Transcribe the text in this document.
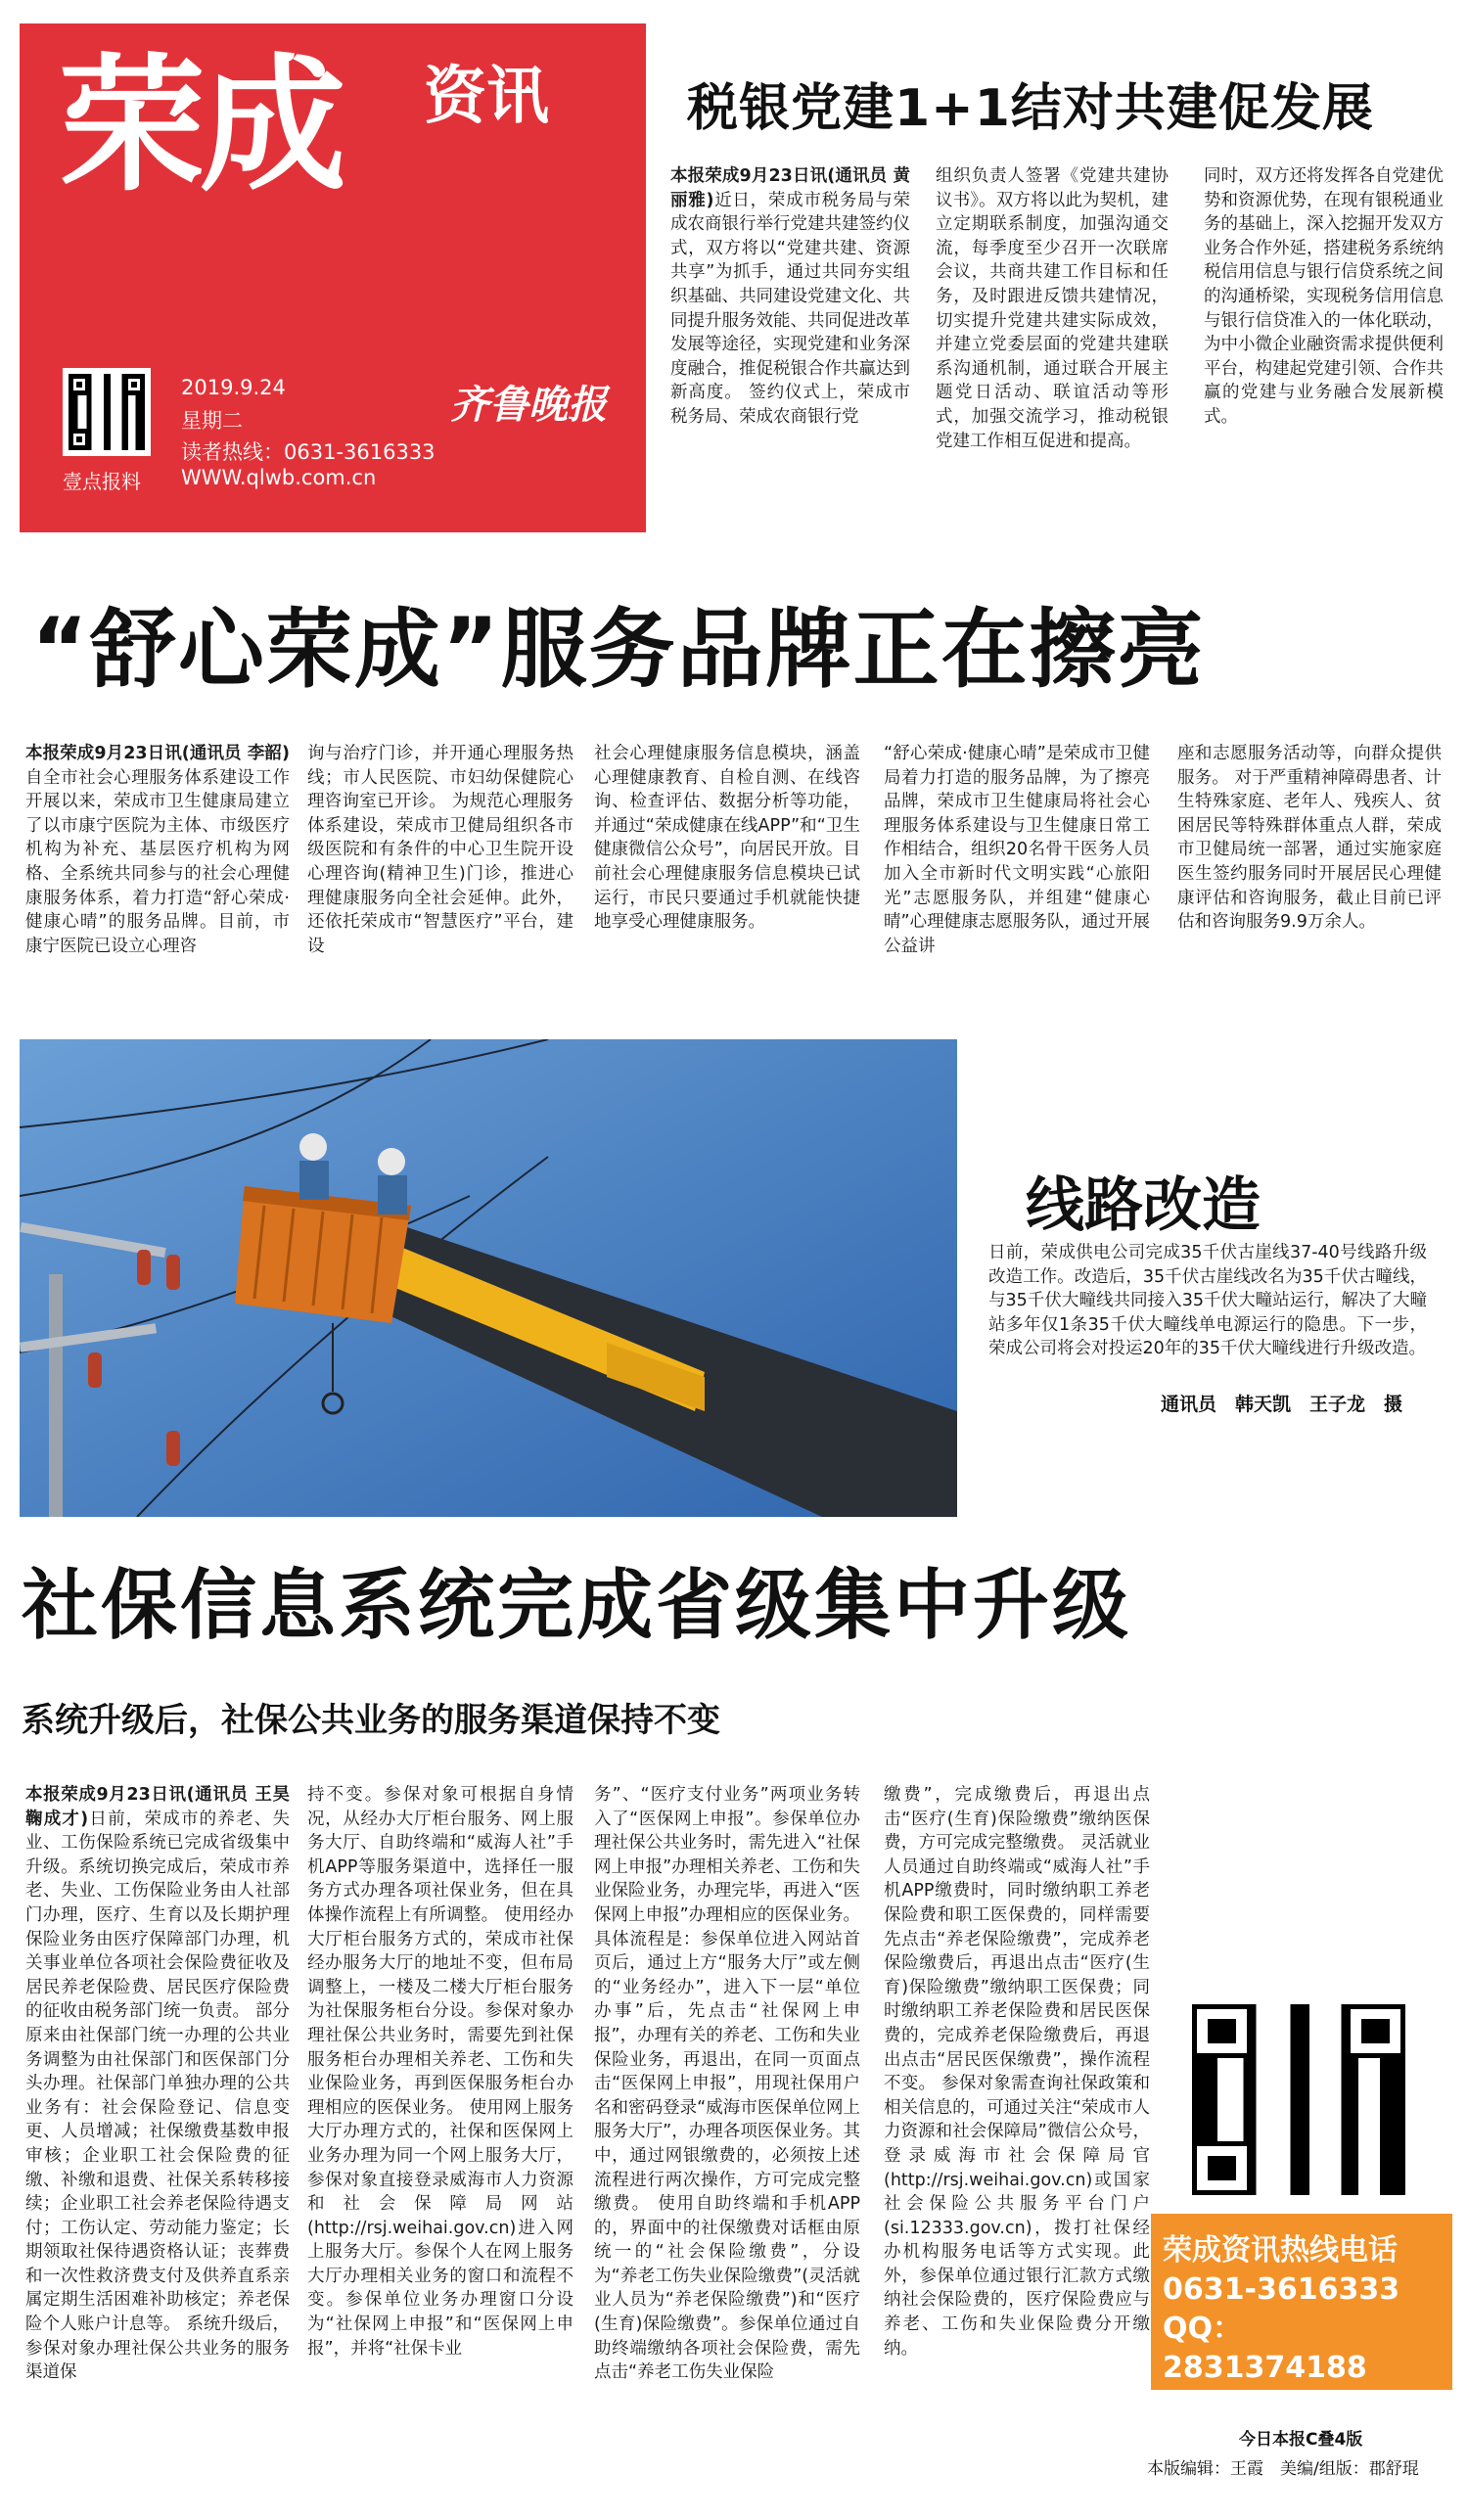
荣成 资讯
壹点报料
2019.9.24
星期二
读者热线：0631-3616333
WWW.qlwb.com.cn
齐鲁晚报
税银党建1+1结对共建促发展
本报荣成9月23日讯(通讯员 黄丽雅)近日，荣成市税务局与荣成农商银行举行党建共建签约仪式，双方将以“党建共建、资源共享”为抓手，通过共同夯实组织基础、共同建设党建文化、共同提升服务效能、共同促进改革发展等途径，实现党建和业务深度融合，推促税银合作共赢达到新高度。 签约仪式上，荣成市税务局、荣成农商银行党
组织负责人签署《党建共建协议书》。双方将以此为契机，建立定期联系制度，加强沟通交流，每季度至少召开一次联席会议，共商共建工作目标和任务，及时跟进反馈共建情况，切实提升党建共建实际成效，并建立党委层面的党建共建联系沟通机制，通过联合开展主题党日活动、联谊活动等形式，加强交流学习，推动税银党建工作相互促进和提高。
同时，双方还将发挥各自党建优势和资源优势，在现有银税通业务的基础上，深入挖掘开发双方业务合作外延，搭建税务系统纳税信用信息与银行信贷系统之间的沟通桥梁，实现税务信用信息与银行信贷准入的一体化联动，为中小微企业融资需求提供便利平台，构建起党建引领、合作共赢的党建与业务融合发展新模式。
“舒心荣成”服务品牌正在擦亮
本报荣成9月23日讯(通讯员 李韶)自全市社会心理服务体系建设工作开展以来，荣成市卫生健康局建立了以市康宁医院为主体、市级医疗机构为补充、基层医疗机构为网格、全系统共同参与的社会心理健康服务体系，着力打造“舒心荣成·健康心晴”的服务品牌。目前，市康宁医院已设立心理咨
询与治疗门诊，并开通心理服务热线；市人民医院、市妇幼保健院心理咨询室已开诊。 为规范心理服务体系建设，荣成市卫健局组织各市级医院和有条件的中心卫生院开设心理咨询(精神卫生)门诊，推进心理健康服务向全社会延伸。此外，还依托荣成市“智慧医疗”平台，建设
社会心理健康服务信息模块，涵盖心理健康教育、自检自测、在线咨询、检查评估、数据分析等功能，并通过“荣成健康在线APP”和“卫生健康微信公众号”，向居民开放。目前社会心理健康服务信息模块已试运行，市民只要通过手机就能快捷地享受心理健康服务。
“舒心荣成·健康心晴”是荣成市卫健局着力打造的服务品牌，为了擦亮品牌，荣成市卫生健康局将社会心理服务体系建设与卫生健康日常工作相结合，组织20名骨干医务人员加入全市新时代文明实践“心旅阳光”志愿服务队，并组建“健康心晴”心理健康志愿服务队，通过开展公益讲
座和志愿服务活动等，向群众提供服务。 对于严重精神障碍患者、计生特殊家庭、老年人、残疾人、贫困居民等特殊群体重点人群，荣成市卫健局统一部署，通过实施家庭医生签约服务同时开展居民心理健康评估和咨询服务，截止目前已评估和咨询服务9.9万余人。
线路改造
日前，荣成供电公司完成35千伏古崖线37-40号线路升级改造工作。改造后，35千伏古崖线改名为35千伏古疃线，与35千伏大疃线共同接入35千伏大疃站运行，解决了大疃站多年仅1条35千伏大疃线单电源运行的隐患。下一步，荣成公司将会对投运20年的35千伏大疃线进行升级改造。
通讯员　韩天凯　王子龙　摄
社保信息系统完成省级集中升级
系统升级后，社保公共业务的服务渠道保持不变
本报荣成9月23日讯(通讯员 王昊 鞠成才)日前，荣成市的养老、失业、工伤保险系统已完成省级集中升级。系统切换完成后，荣成市养老、失业、工伤保险业务由人社部门办理，医疗、生育以及长期护理保险业务由医疗保障部门办理，机关事业单位各项社会保险费征收及居民养老保险费、居民医疗保险费的征收由税务部门统一负责。 部分原来由社保部门统一办理的公共业务调整为由社保部门和医保部门分头办理。社保部门单独办理的公共业务有：社会保险登记、信息变更、人员增减；社保缴费基数申报审核；企业职工社会保险费的征缴、补缴和退费、社保关系转移接续；企业职工社会养老保险待遇支付；工伤认定、劳动能力鉴定；长期领取社保待遇资格认证；丧葬费和一次性救济费支付及供养直系亲属定期生活困难补助核定；养老保险个人账户计息等。 系统升级后，参保对象办理社保公共业务的服务渠道保
持不变。参保对象可根据自身情况，从经办大厅柜台服务、网上服务大厅、自助终端和“威海人社”手机APP等服务渠道中，选择任一服务方式办理各项社保业务，但在具体操作流程上有所调整。 使用经办大厅柜台服务方式的，荣成市社保经办服务大厅的地址不变，但布局调整上，一楼及二楼大厅柜台服务为社保服务柜台分设。参保对象办理社保公共业务时，需要先到社保服务柜台办理相关养老、工伤和失业保险业务，再到医保服务柜台办理相应的医保业务。 使用网上服务大厅办理方式的，社保和医保网上业务办理为同一个网上服务大厅，参保对象直接登录威海市人力资源和社会保障局网站(http://rsj.weihai.gov.cn)进入网上服务大厅。参保个人在网上服务大厅办理相关业务的窗口和流程不变。参保单位业务办理窗口分设为“社保网上申报”和“医保网上申报”，并将“社保卡业
务”、“医疗支付业务”两项业务转入了“医保网上申报”。参保单位办理社保公共业务时，需先进入“社保网上申报”办理相关养老、工伤和失业保险业务，办理完毕，再进入“医保网上申报”办理相应的医保业务。具体流程是：参保单位进入网站首页后，通过上方“服务大厅”或左侧的“业务经办”，进入下一层“单位办事”后，先点击“社保网上申报”，办理有关的养老、工伤和失业保险业务，再退出，在同一页面点击“医保网上申报”，用现社保用户名和密码登录“威海市医保单位网上服务大厅”，办理各项医保业务。其中，通过网银缴费的，必须按上述流程进行两次操作，方可完成完整缴费。 使用自助终端和手机APP的，界面中的社保缴费对话框由原统一的“社会保险缴费”，分设为“养老工伤失业保险缴费”(灵活就业人员为“养老保险缴费”)和“医疗(生育)保险缴费”。参保单位通过自助终端缴纳各项社会保险费，需先点击“养老工伤失业保险
缴费”，完成缴费后，再退出点击“医疗(生育)保险缴费”缴纳医保费，方可完成完整缴费。 灵活就业人员通过自助终端或“威海人社”手机APP缴费时，同时缴纳职工养老保险费和职工医保费的，同样需要先点击“养老保险缴费”，完成养老保险缴费后，再退出点击“医疗(生育)保险缴费”缴纳职工医保费；同时缴纳职工养老保险费和居民医保费的，完成养老保险缴费后，再退出点击“居民医保缴费”，操作流程不变。 参保对象需查询社保政策和相关信息的，可通过关注“荣成市人力资源和社会保障局”微信公众号，登录威海市社会保障局官(http://rsj.weihai.gov.cn)或国家社会保险公共服务平台门户(si.12333.gov.cn)，拨打社保经办机构服务电话等方式实现。此外，参保单位通过银行汇款方式缴纳社会保险费的，医疗保险费应与养老、工伤和失业保险费分开缴纳。
荣成资讯热线电话
0631-3616333
QQ：2831374188
今日本报C叠4版
本版编辑：王霞　美编/组版：郡舒琨
